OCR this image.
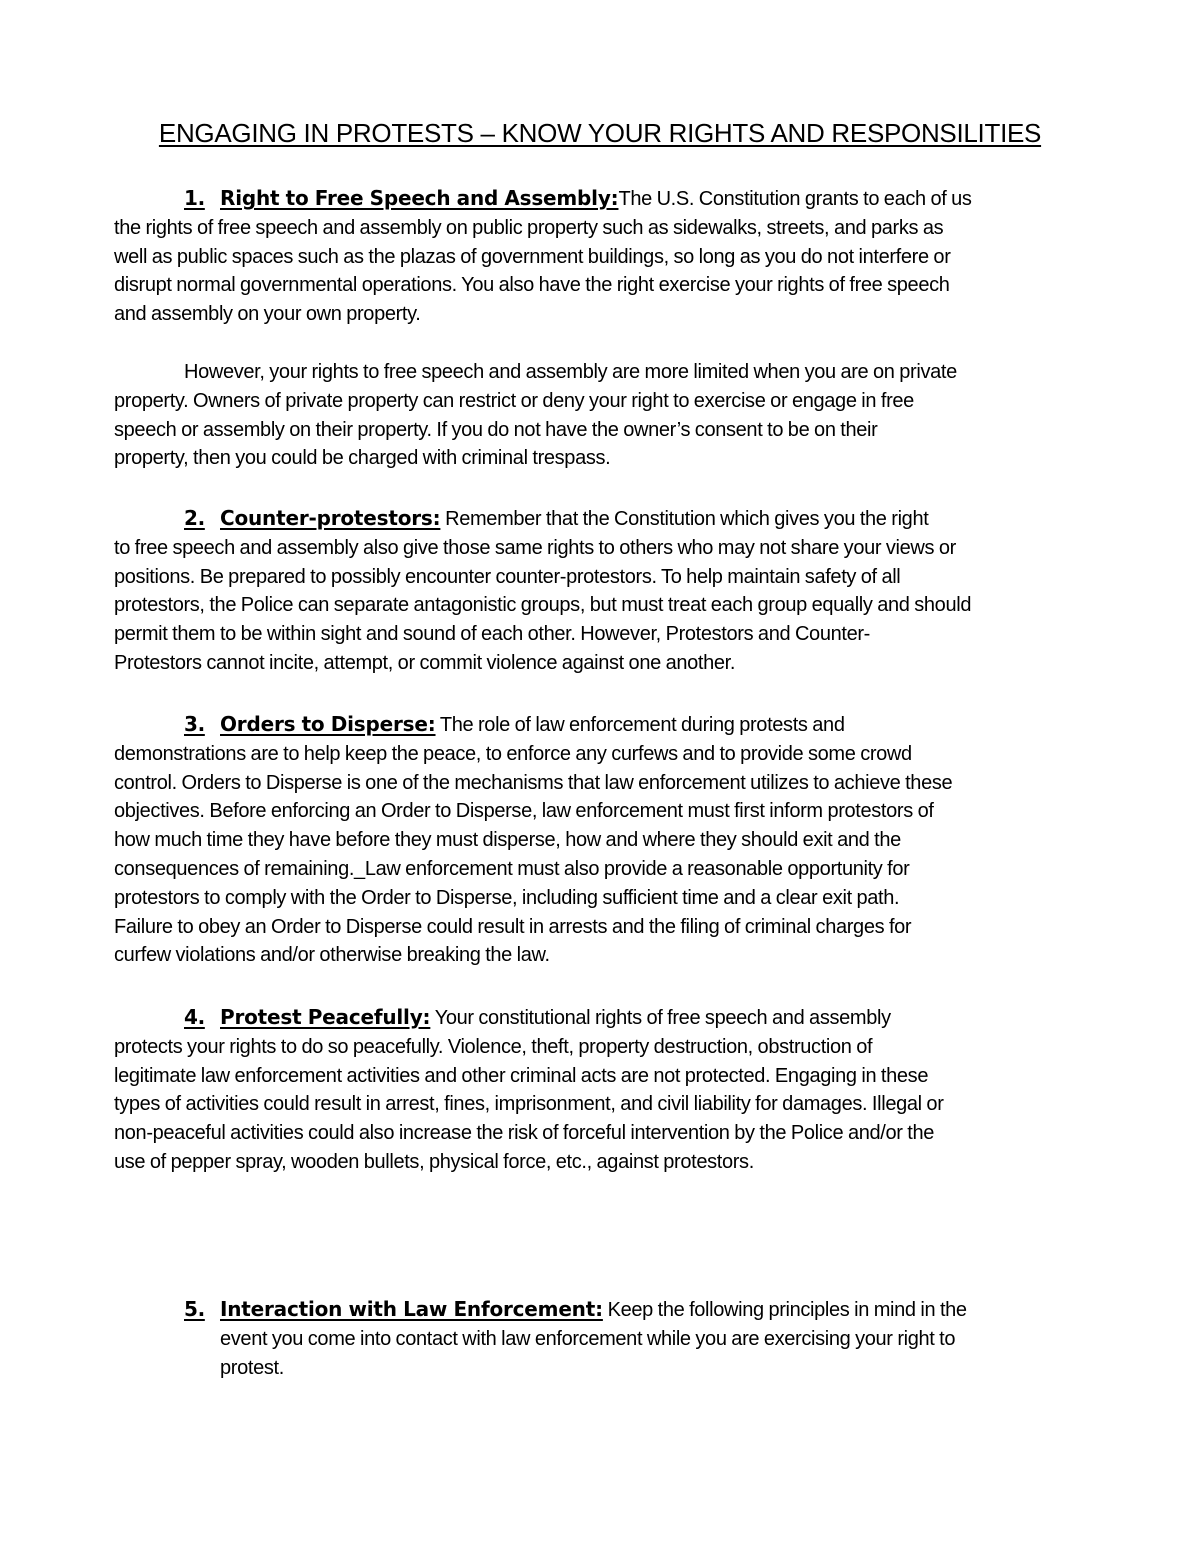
ENGAGING IN PROTESTS – KNOW YOUR RIGHTS AND RESPONSILITIES
1. Right to Free Speech and Assembly:The U.S. Constitution grants to each of us
the rights of free speech and assembly on public property such as sidewalks, streets, and parks as
well as public spaces such as the plazas of government buildings, so long as you do not interfere or
disrupt normal governmental operations. You also have the right exercise your rights of free speech
and assembly on your own property.
However, your rights to free speech and assembly are more limited when you are on private
property. Owners of private property can restrict or deny your right to exercise or engage in free
speech or assembly on their property. If you do not have the owner’s consent to be on their
property, then you could be charged with criminal trespass.
2. Counter-protestors: Remember that the Constitution which gives you the right
to free speech and assembly also give those same rights to others who may not share your views or
positions. Be prepared to possibly encounter counter-protestors. To help maintain safety of all
protestors, the Police can separate antagonistic groups, but must treat each group equally and should
permit them to be within sight and sound of each other. However, Protestors and Counter-
Protestors cannot incite, attempt, or commit violence against one another.
3. Orders to Disperse: The role of law enforcement during protests and
demonstrations are to help keep the peace, to enforce any curfews and to provide some crowd
control. Orders to Disperse is one of the mechanisms that law enforcement utilizes to achieve these
objectives. Before enforcing an Order to Disperse, law enforcement must first inform protestors of
how much time they have before they must disperse, how and where they should exit and the
consequences of remaining._Law enforcement must also provide a reasonable opportunity for
protestors to comply with the Order to Disperse, including sufficient time and a clear exit path.
Failure to obey an Order to Disperse could result in arrests and the filing of criminal charges for
curfew violations and/or otherwise breaking the law.
4. Protest Peacefully: Your constitutional rights of free speech and assembly
protects your rights to do so peacefully. Violence, theft, property destruction, obstruction of
legitimate law enforcement activities and other criminal acts are not protected. Engaging in these
types of activities could result in arrest, fines, imprisonment, and civil liability for damages. Illegal or
non-peaceful activities could also increase the risk of forceful intervention by the Police and/or the
use of pepper spray, wooden bullets, physical force, etc., against protestors.
5. Interaction with Law Enforcement: Keep the following principles in mind in the
event you come into contact with law enforcement while you are exercising your right to
protest.
